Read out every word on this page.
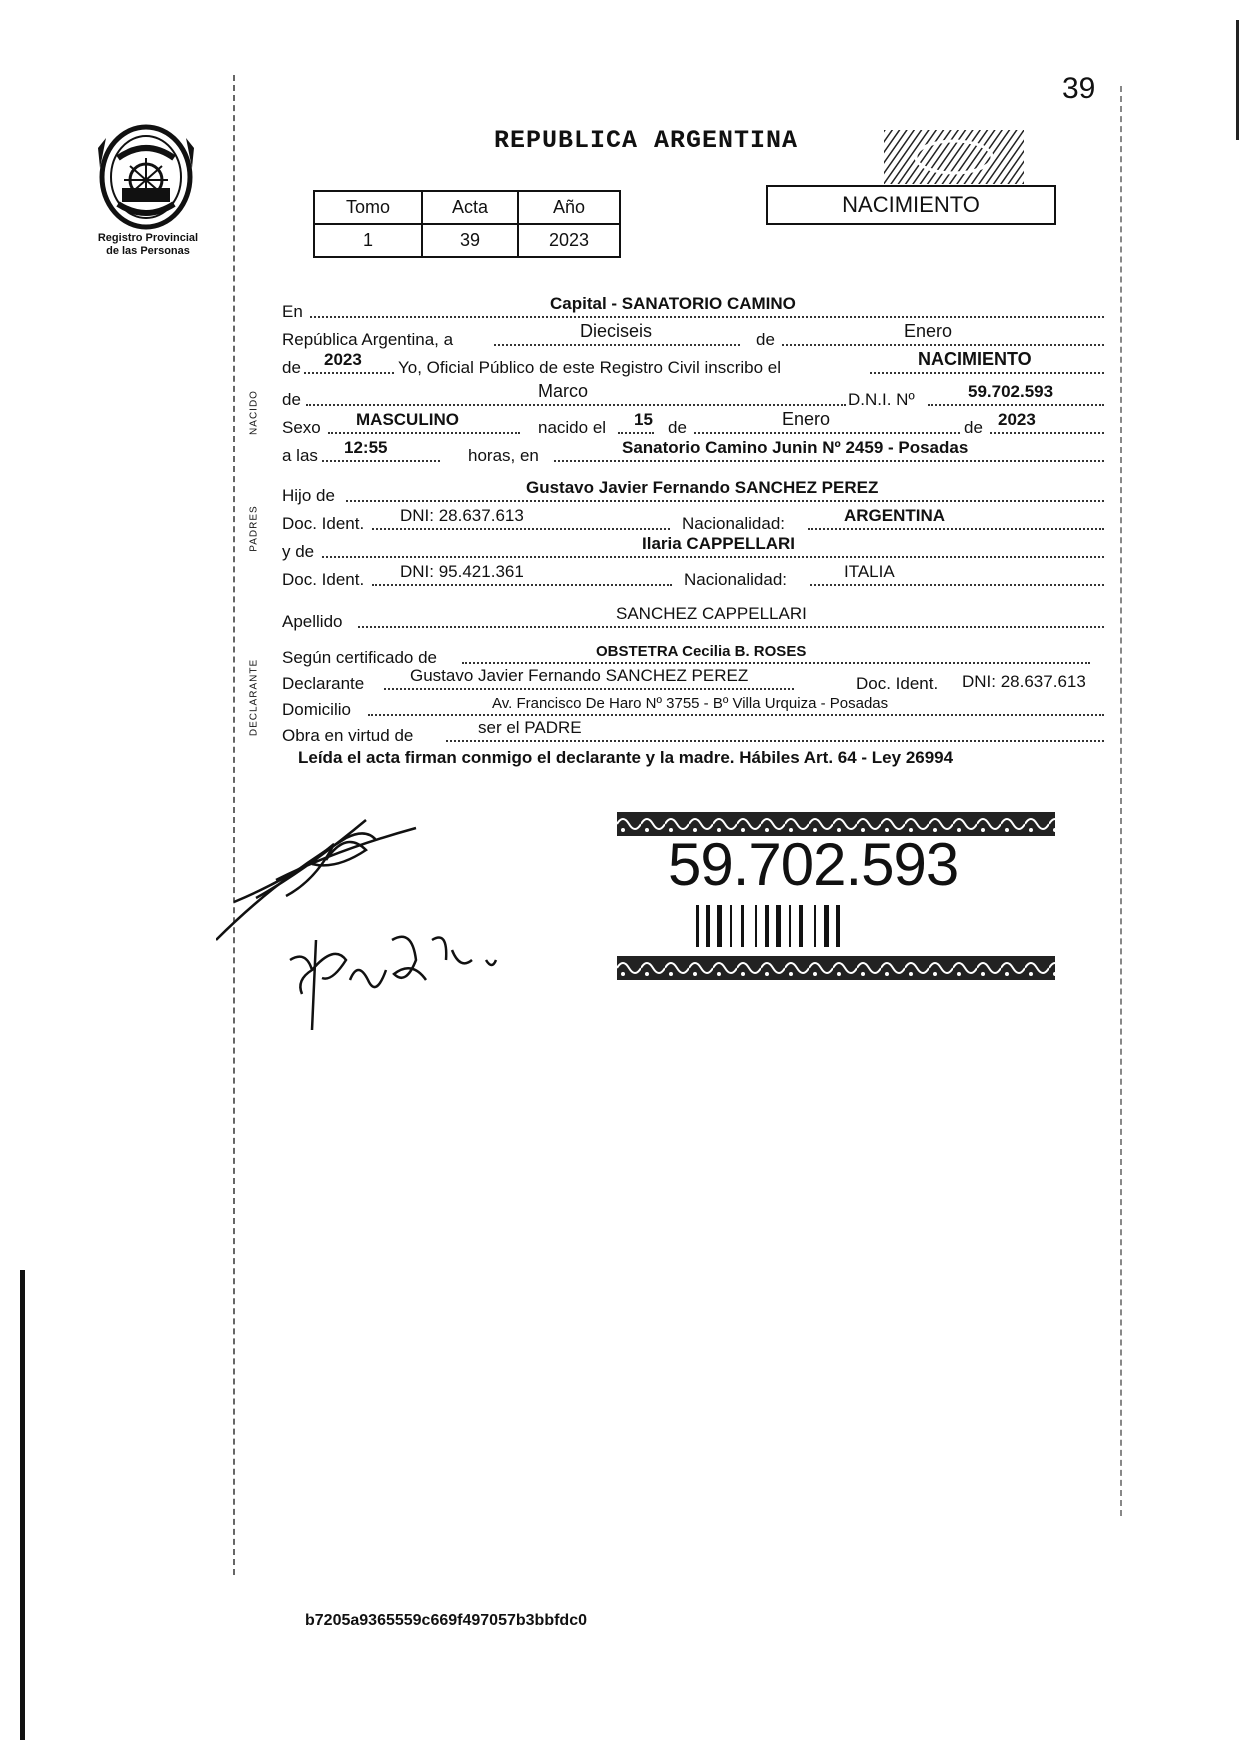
39
Registro Provincial
de las Personas
REPUBLICA ARGENTINA
Tomo	Acta	Año
1	39	2023
NACIMIENTO
NACIDO
PADRES
DECLARANTE
En	Capital - SANATORIO CAMINO
República Argentina, a	Dieciseis	de	Enero
de 2023 Yo, Oficial Público de este Registro Civil inscribo el	NACIMIENTO
de	Marco	D.N.I. Nº	59.702.593
Sexo MASCULINO	nacido el 15 de	Enero	de 2023
a las 12:55	horas, en	Sanatorio Camino Junin Nº 2459 - Posadas
Hijo de	Gustavo Javier Fernando SANCHEZ PEREZ
Doc. Ident. DNI: 28.637.613	Nacionalidad:	ARGENTINA
y de	Ilaria CAPPELLARI
Doc. Ident. DNI: 95.421.361	Nacionalidad:	ITALIA
Apellido	SANCHEZ CAPPELLARI
Según certificado de	OBSTETRA Cecilia B. ROSES
Declarante	Gustavo Javier Fernando SANCHEZ PEREZ	Doc. Ident. DNI: 28.637.613
Domicilio	Av. Francisco De Haro Nº 3755 - Bº Villa Urquiza - Posadas
Obra en virtud de	ser el PADRE
Leída el acta firman conmigo el declarante y la madre. Hábiles Art. 64 - Ley 26994
59.702.593
b7205a9365559c669f497057b3bbfdc0
